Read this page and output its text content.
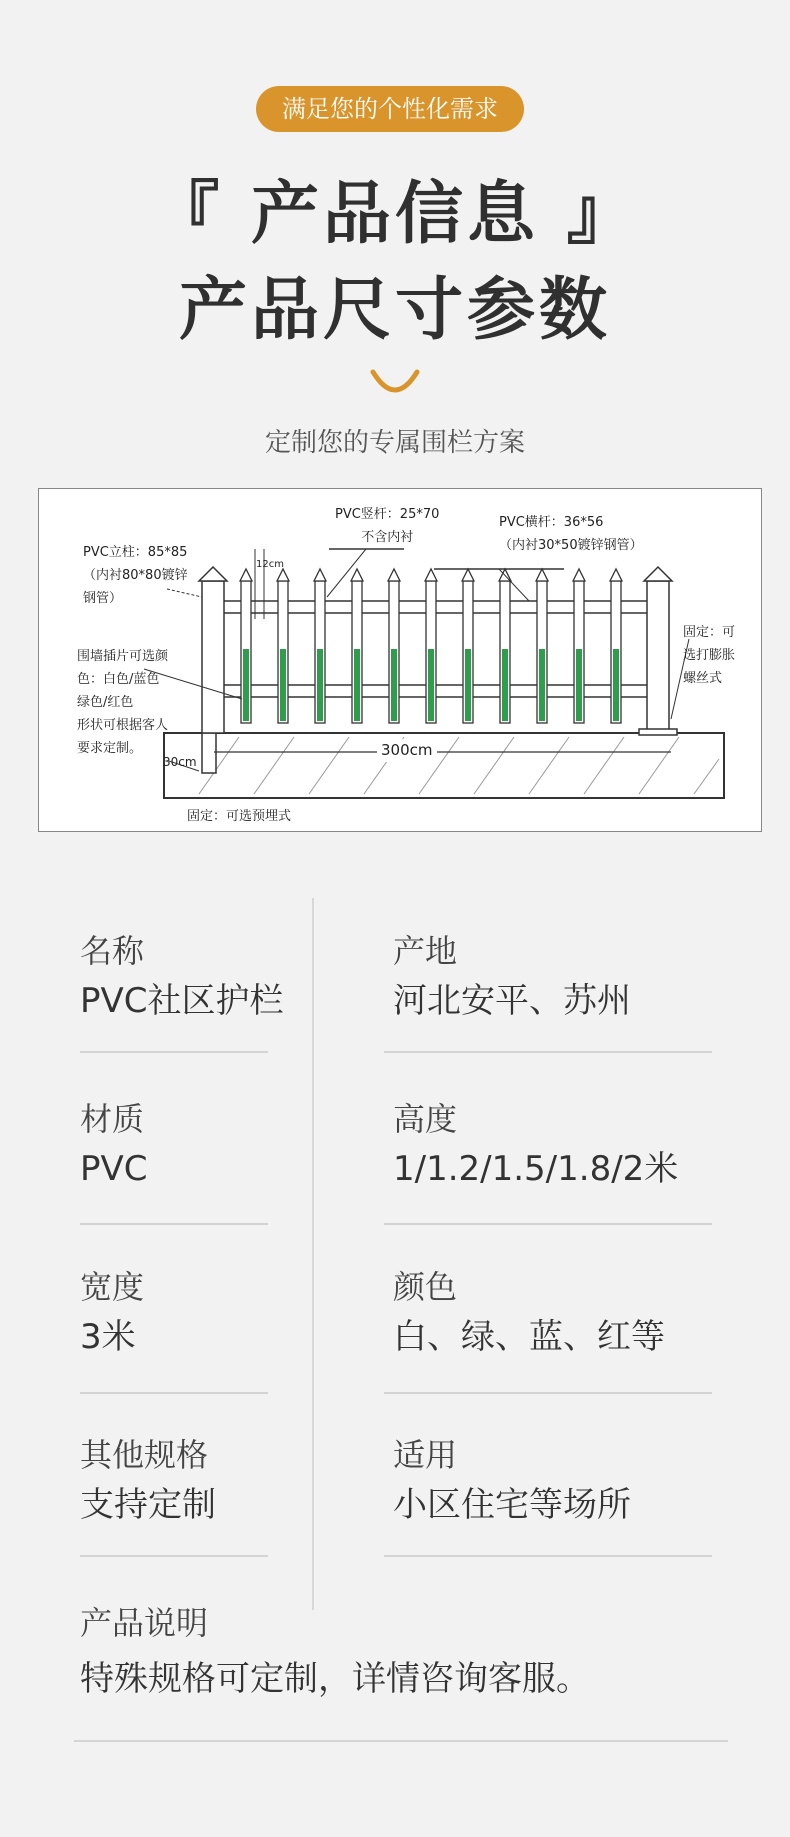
满足您的个性化需求
『 产品信息 』
产品尺寸参数
定制您的专属围栏方案
PVC立柱：85*85
（内衬80*80镀锌
钢管）
PVC竖杆：25*70
不含内衬
PVC横杆：36*56
（内衬30*50镀锌钢管）
12cm
围墙插片可选颜
色：白色/蓝色
绿色/红色
形状可根据客人
要求定制。
固定：可
选打膨胀
螺丝式
300cm
30cm
固定：可选预埋式
名称
PVC社区护栏
产地
河北安平、苏州
材质
PVC
高度
1/1.2/1.5/1.8/2米
宽度
3米
颜色
白、绿、蓝、红等
其他规格
支持定制
适用
小区住宅等场所
产品说明
特殊规格可定制，详情咨询客服。
